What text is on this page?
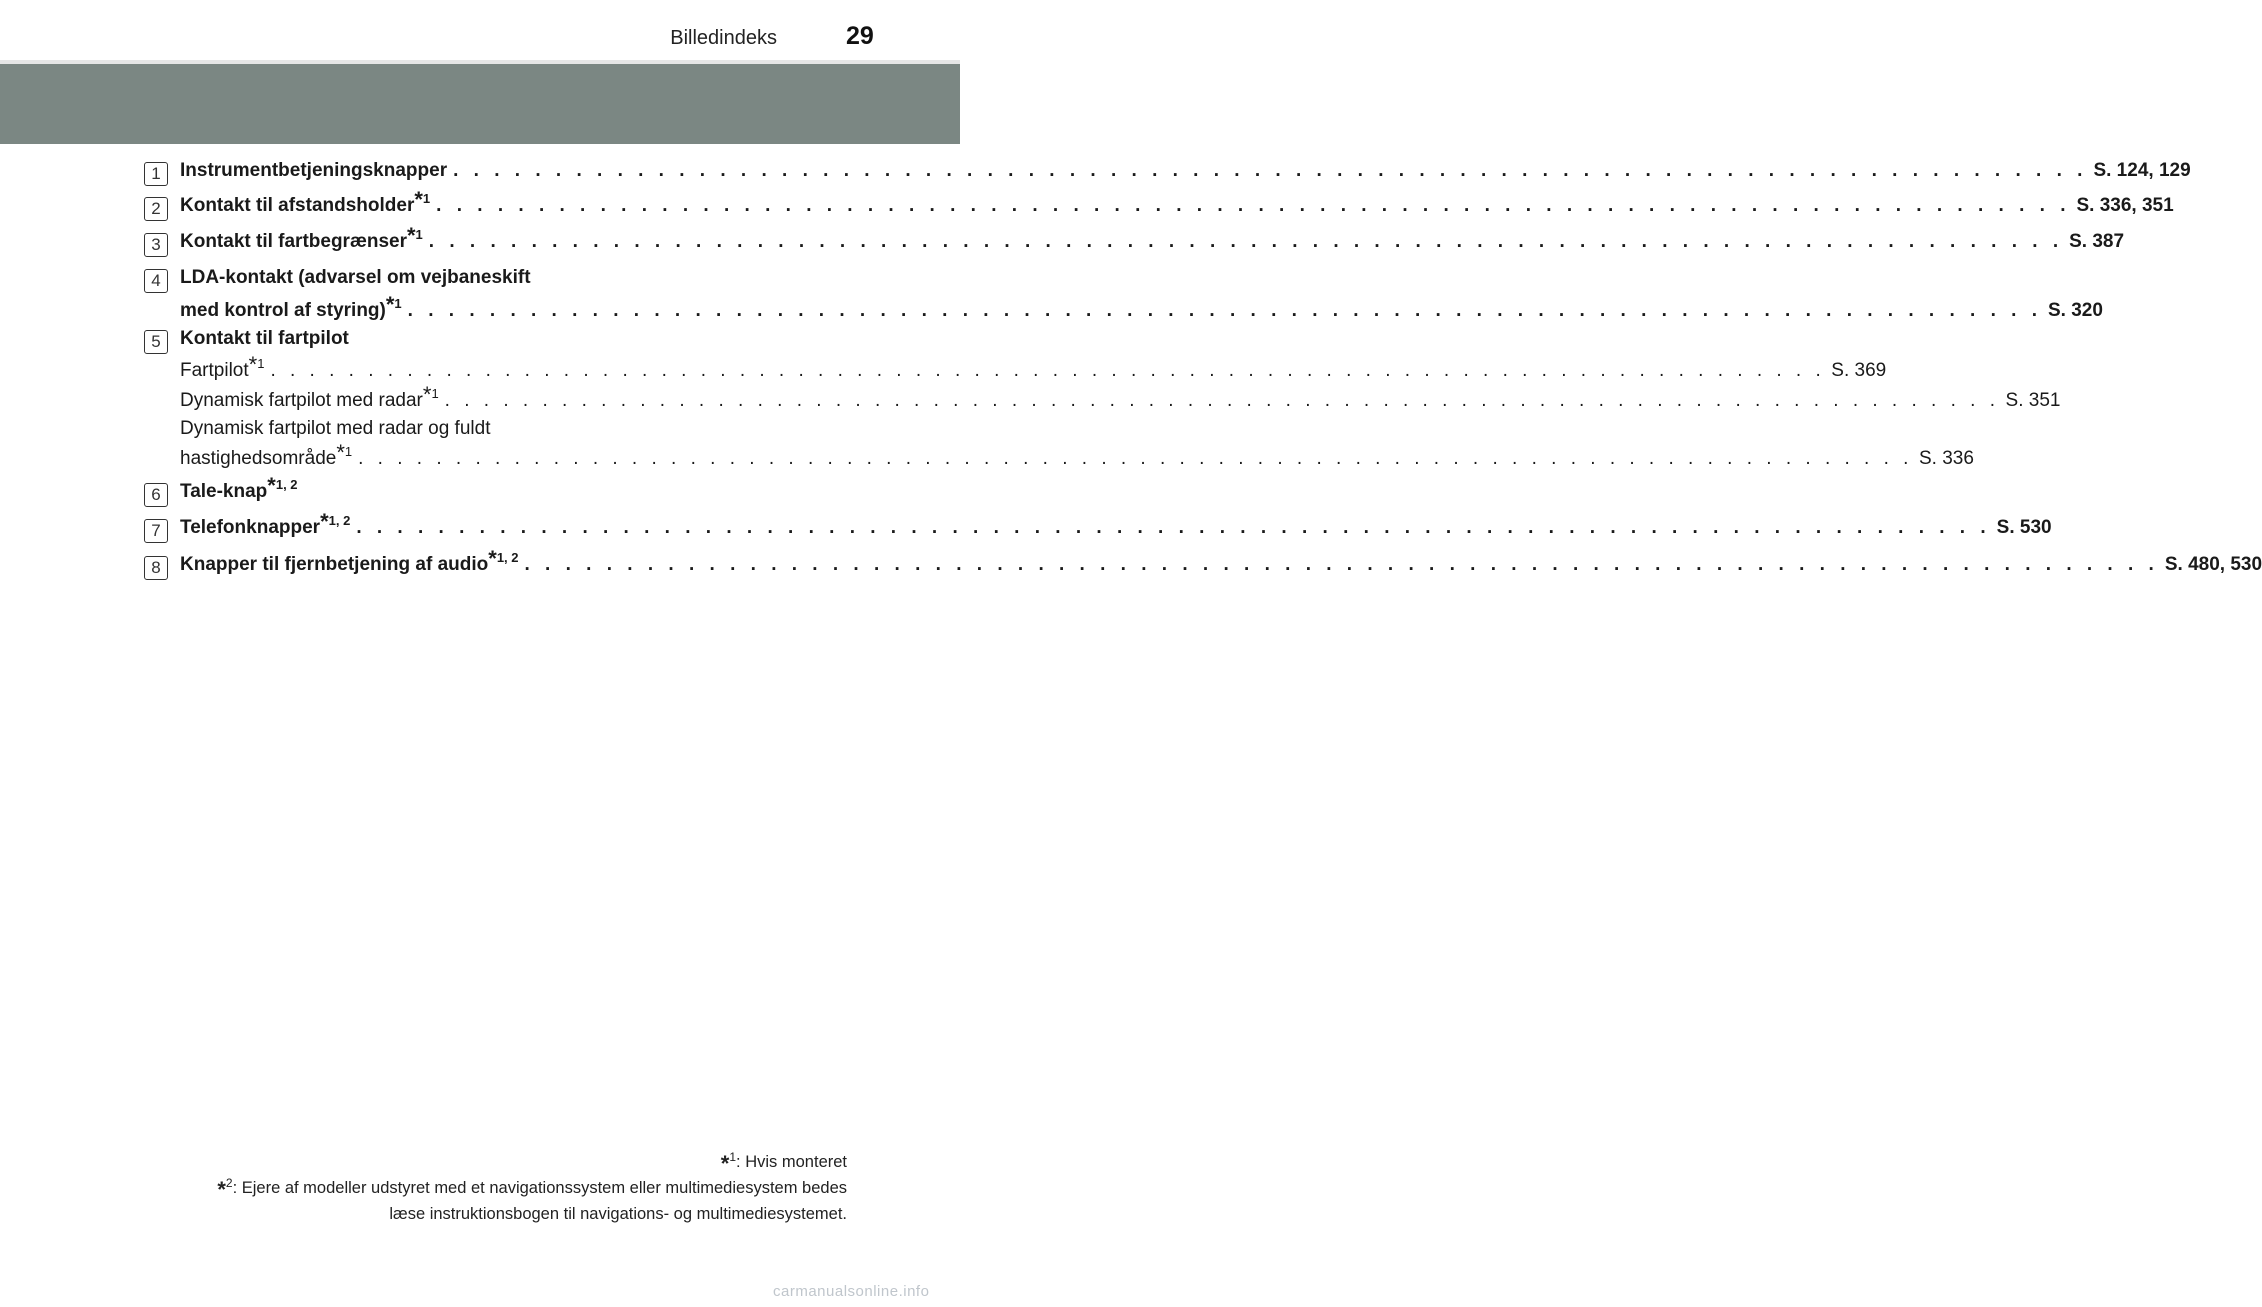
Billedindeks	29
1	Instrumentbetjeningsknapper . . . . . . . . . . . . . . . . . . . . . . . . . . . . . . . . . . . . . . . . . . . . . . . . . . . . . . . . . . . . . . . . . . . . . . . . . . . . . . . . S. 124, 129
2	Kontakt til afstandsholder$^{*1}$ . . . . . . . . . . . . . . . . . . . . . . . . . . . . . . . . . . . . . . . . . . . . . . . . . . . . . . . . . . . . . . . . . . . . . . . . . . . . . . . . S. 336, 351
3	Kontakt til fartbegrænser$^{*1}$ . . . . . . . . . . . . . . . . . . . . . . . . . . . . . . . . . . . . . . . . . . . . . . . . . . . . . . . . . . . . . . . . . . . . . . . . . . . . . . . . S. 387
4	LDA-kontakt (advarsel om vejbaneskift
med kontrol af styring)$^{*1}$ . . . . . . . . . . . . . . . . . . . . . . . . . . . . . . . . . . . . . . . . . . . . . . . . . . . . . . . . . . . . . . . . . . . . . . . . . . . . . . . . S. 320
5	Kontakt til fartpilot
Fartpilot$^{*1}$ . . . . . . . . . . . . . . . . . . . . . . . . . . . . . . . . . . . . . . . . . . . . . . . . . . . . . . . . . . . . . . . . . . . . . . . . . . . . . . . . S. 369
Dynamisk fartpilot med radar$^{*1}$ . . . . . . . . . . . . . . . . . . . . . . . . . . . . . . . . . . . . . . . . . . . . . . . . . . . . . . . . . . . . . . . . . . . . . . . . . . . . . . . . S. 351
Dynamisk fartpilot med radar og fuldt
hastighedsområde$^{*1}$ . . . . . . . . . . . . . . . . . . . . . . . . . . . . . . . . . . . . . . . . . . . . . . . . . . . . . . . . . . . . . . . . . . . . . . . . . . . . . . . . S. 336
6	Tale-knap$^{*1, 2}$
7	Telefonknapper$^{*1, 2}$ . . . . . . . . . . . . . . . . . . . . . . . . . . . . . . . . . . . . . . . . . . . . . . . . . . . . . . . . . . . . . . . . . . . . . . . . . . . . . . . . S. 530
8	Knapper til fjernbetjening af audio$^{*1, 2}$ . . . . . . . . . . . . . . . . . . . . . . . . . . . . . . . . . . . . . . . . . . . . . . . . . . . . . . . . . . . . . . . . . . . . . . . . . . . . . . . . S. 480, 530
*$^1$: Hvis monteret
*$^2$: Ejere af modeller udstyret med et navigationssystem eller multimediesystem bedes
læse instruktionsbogen til navigations- og multimediesystemet.
carmanualsonline.info
